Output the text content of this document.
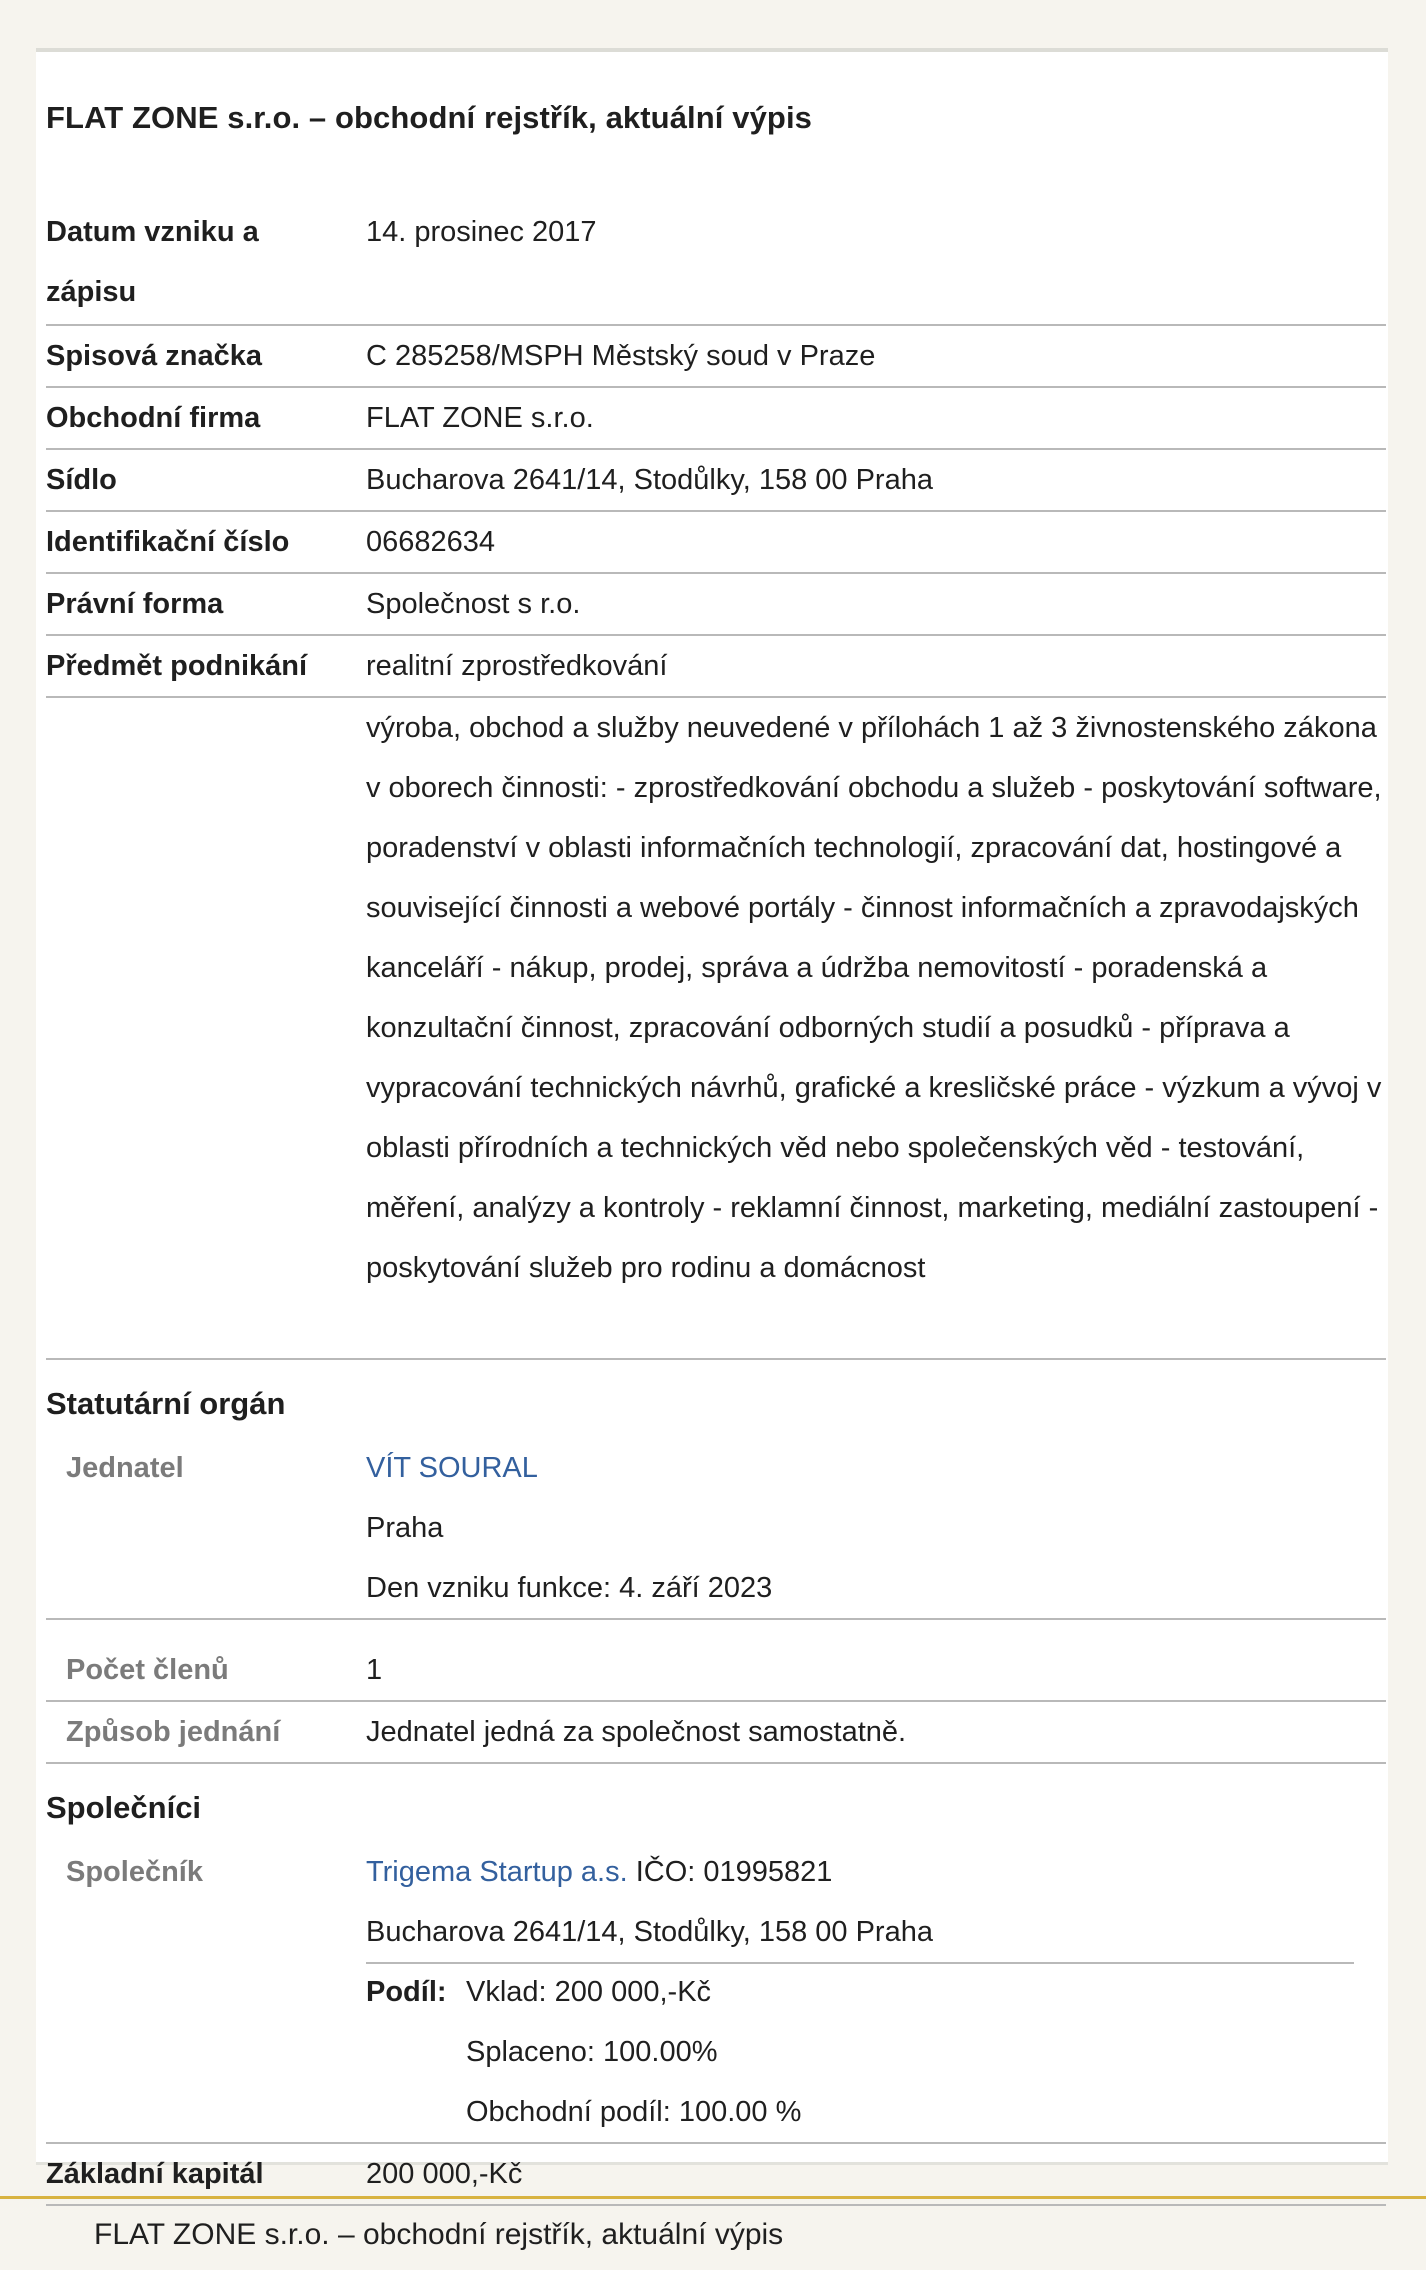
FLAT ZONE s.r.o. – obchodní rejstřík, aktuální výpis
Datum vzniku a zápisu
14. prosinec 2017
Spisová značka	C 285258/MSPH Městský soud v Praze
Obchodní firma	FLAT ZONE s.r.o.
Sídlo	Bucharova 2641/14, Stodůlky, 158 00 Praha
Identifikační číslo	06682634
Právní forma	Společnost s r.o.
Předmět podnikání	realitní zprostředkování
výroba, obchod a služby neuvedené v přílohách 1 až 3 živnostenského zákona v oborech činnosti: - zprostředkování obchodu a služeb - poskytování software, poradenství v oblasti informačních technologií, zpracování dat, hostingové a související činnosti a webové portály - činnost informačních a zpravodajských kanceláří - nákup, prodej, správa a údržba nemovitostí - poradenská a konzultační činnost, zpracování odborných studií a posudků - příprava a vypracování technických návrhů, grafické a kresličské práce - výzkum a vývoj v oblasti přírodních a technických věd nebo společenských věd - testování, měření, analýzy a kontroly - reklamní činnost, marketing, mediální zastoupení - poskytování služeb pro rodinu a domácnost
Statutární orgán
Jednatel	VÍT SOURAL
Praha
Den vzniku funkce: 4. září 2023
Počet členů	1
Způsob jednání	Jednatel jedná za společnost samostatně.
Společníci
Společník	Trigema Startup a.s. IČO: 01995821
Bucharova 2641/14, Stodůlky, 158 00 Praha
Podíl: Vklad: 200 000,-Kč
Splaceno: 100.00%
Obchodní podíl: 100.00 %
Základní kapitál	200 000,-Kč
FLAT ZONE s.r.o. – obchodní rejstřík, aktuální výpis
